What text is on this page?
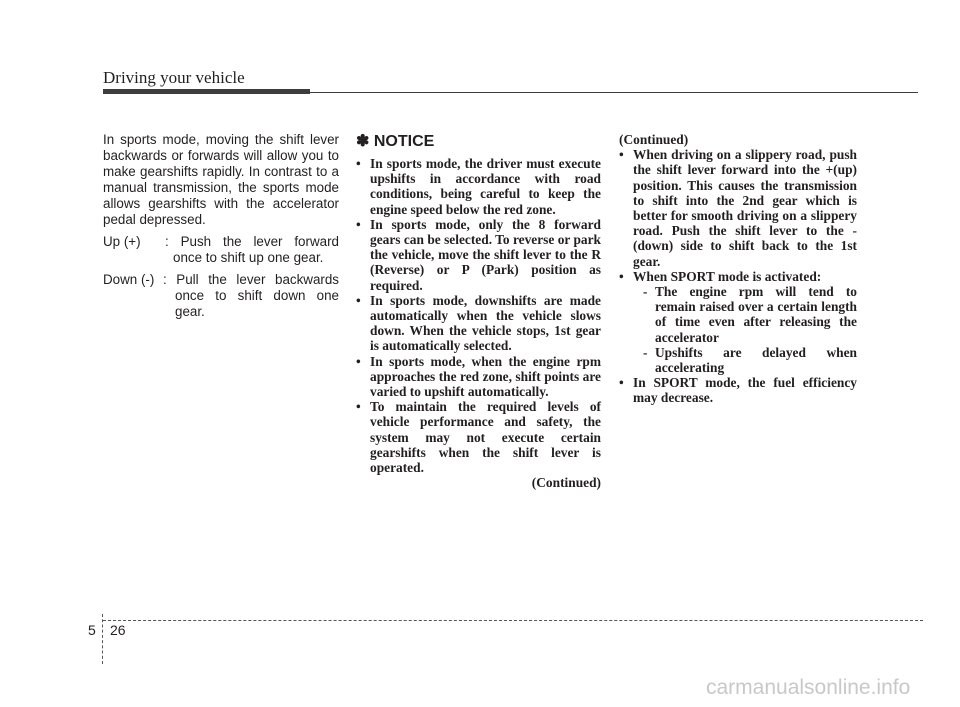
Driving your vehicle

In sports mode, moving the shift lever backwards or forwards will allow you to make gearshifts rapidly. In contrast to a manual transmission, the sports mode allows gearshifts with the accelerator pedal depressed.

Up (+) : Push the lever forward once to shift up one gear.
Down (-) : Pull the lever backwards once to shift down one gear.
✽ NOTICE
• In sports mode, the driver must execute upshifts in accordance with road conditions, being careful to keep the engine speed below the red zone.
• In sports mode, only the 8 forward gears can be selected. To reverse or park the vehicle, move the shift lever to the R (Reverse) or P (Park) position as required.
• In sports mode, downshifts are made automatically when the vehicle slows down. When the vehicle stops, 1st gear is automatically selected.
• In sports mode, when the engine rpm approaches the red zone, shift points are varied to upshift automatically.
• To maintain the required levels of vehicle performance and safety, the system may not execute certain gearshifts when the shift lever is operated.
(Continued)
(Continued)
• When driving on a slippery road, push the shift lever forward into the +(up) position. This causes the transmission to shift into the 2nd gear which is better for smooth driving on a slippery road. Push the shift lever to the -(down) side to shift back to the 1st gear.
• When SPORT mode is activated:
- The engine rpm will tend to remain raised over a certain length of time even after releasing the accelerator
- Upshifts are delayed when accelerating
• In SPORT mode, the fuel efficiency may decrease.
5 26
carmanualsonline.info
